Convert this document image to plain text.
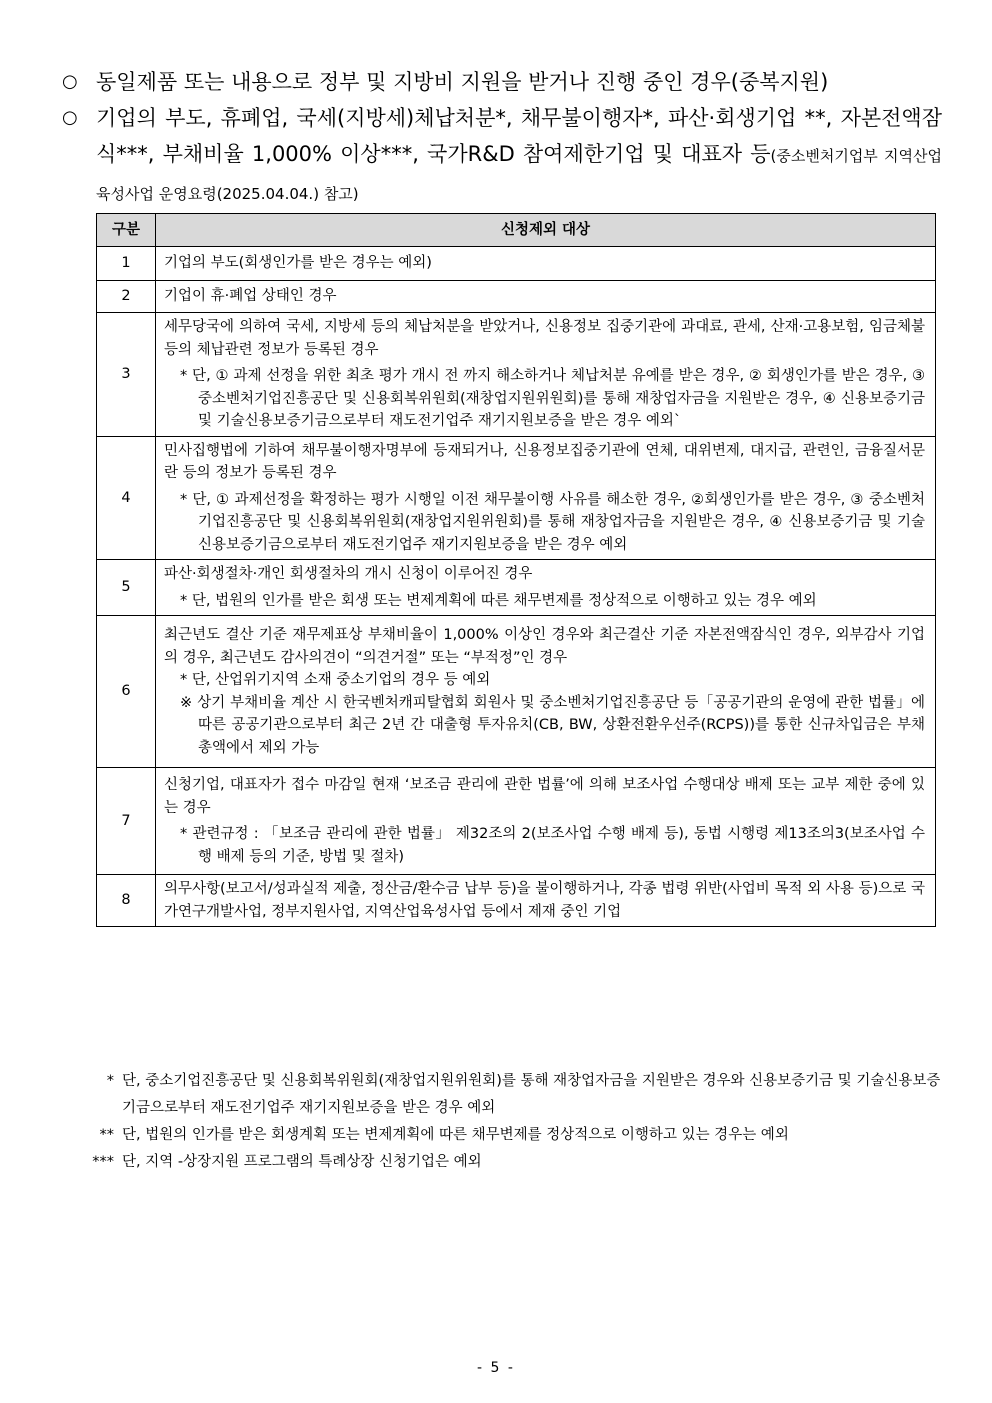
○ 동일제품 또는 내용으로 정부 및 지방비 지원을 받거나 진행 중인 경우(중복지원)
○ 기업의 부도, 휴폐업, 국세(지방세)체납처분*, 채무불이행자*, 파산·회생기업 **, 자본전액잠식***, 부채비율 1,000% 이상***, 국가R&D 참여제한기업 및 대표자 등(중소벤처기업부 지역산업육성사업 운영요령(2025.04.04.) 참고)
구분	신청제외 대상
1	기업의 부도(회생인가를 받은 경우는 예외)
2	기업이 휴·폐업 상태인 경우
3	세무당국에 의하여 국세, 지방세 등의 체납처분을 받았거나, 신용정보 집중기관에 과대료, 관세, 산재·고용보험, 임금체불 등의 체납관련 정보가 등록된 경우
* 단, ① 과제 선정을 위한 최초 평가 개시 전 까지 해소하거나 체납처분 유예를 받은 경우, ② 회생인가를 받은 경우, ③ 중소벤처기업진흥공단 및 신용회복위원회(재창업지원위원회)를 통해 재창업자금을 지원받은 경우, ④ 신용보증기금 및 기술신용보증기금으로부터 재도전기업주 재기지원보증을 받은 경우 예외`

4	민사집행법에 기하여 채무불이행자명부에 등재되거나, 신용정보집중기관에 연체, 대위변제, 대지급, 관련인, 금융질서문란 등의 정보가 등록된 경우
* 단, ① 과제선정을 확정하는 평가 시행일 이전 채무불이행 사유를 해소한 경우, ②회생인가를 받은 경우, ③ 중소벤처기업진흥공단 및 신용회복위원회(재창업지원위원회)를 통해 재창업자금을 지원받은 경우, ④ 신용보증기금 및 기술신용보증기금으로부터 재도전기업주 재기지원보증을 받은 경우 예외

5	파산·회생절차·개인 회생절차의 개시 신청이 이루어진 경우
* 단, 법원의 인가를 받은 회생 또는 변제계획에 따른 채무변제를 정상적으로 이행하고 있는 경우 예외

6	최근년도 결산 기준 재무제표상 부채비율이 1,000% 이상인 경우와 최근결산 기준 자본전액잠식인 경우, 외부감사 기업의 경우, 최근년도 감사의견이 “의견거절” 또는 “부적정”인 경우
* 단, 산업위기지역 소재 중소기업의 경우 등 예외
※ 상기 부채비율 계산 시 한국벤처캐피탈협회 회원사 및 중소벤처기업진흥공단 등「공공기관의 운영에 관한 법률」에 따른 공공기관으로부터 최근 2년 간 대출형 투자유치(CB, BW, 상환전환우선주(RCPS))를 통한 신규차입금은 부채총액에서 제외 가능

7	신청기업, 대표자가 접수 마감일 현재 ‘보조금 관리에 관한 법률’에 의해 보조사업 수행대상 배제 또는 교부 제한 중에 있는 경우
* 관련규정 : 「보조금 관리에 관한 법률」 제32조의 2(보조사업 수행 배제 등), 동법 시행령 제13조의3(보조사업 수행 배제 등의 기준, 방법 및 절차)

8	의무사항(보고서/성과실적 제출, 정산금/환수금 납부 등)을 불이행하거나, 각종 법령 위반(사업비 목적 외 사용 등)으로 국가연구개발사업, 정부지원사업, 지역산업육성사업 등에서 제재 중인 기업
* 단, 중소기업진흥공단 및 신용회복위원회(재창업지원위원회)를 통해 재창업자금을 지원받은 경우와 신용보증기금 및 기술신용보증기금으로부터 재도전기업주 재기지원보증을 받은 경우 예외
** 단, 법원의 인가를 받은 회생계획 또는 변제계획에 따른 채무변제를 정상적으로 이행하고 있는 경우는 예외
*** 단, 지역 -상장지원 프로그램의 특례상장 신청기업은 예외
- 5 -
